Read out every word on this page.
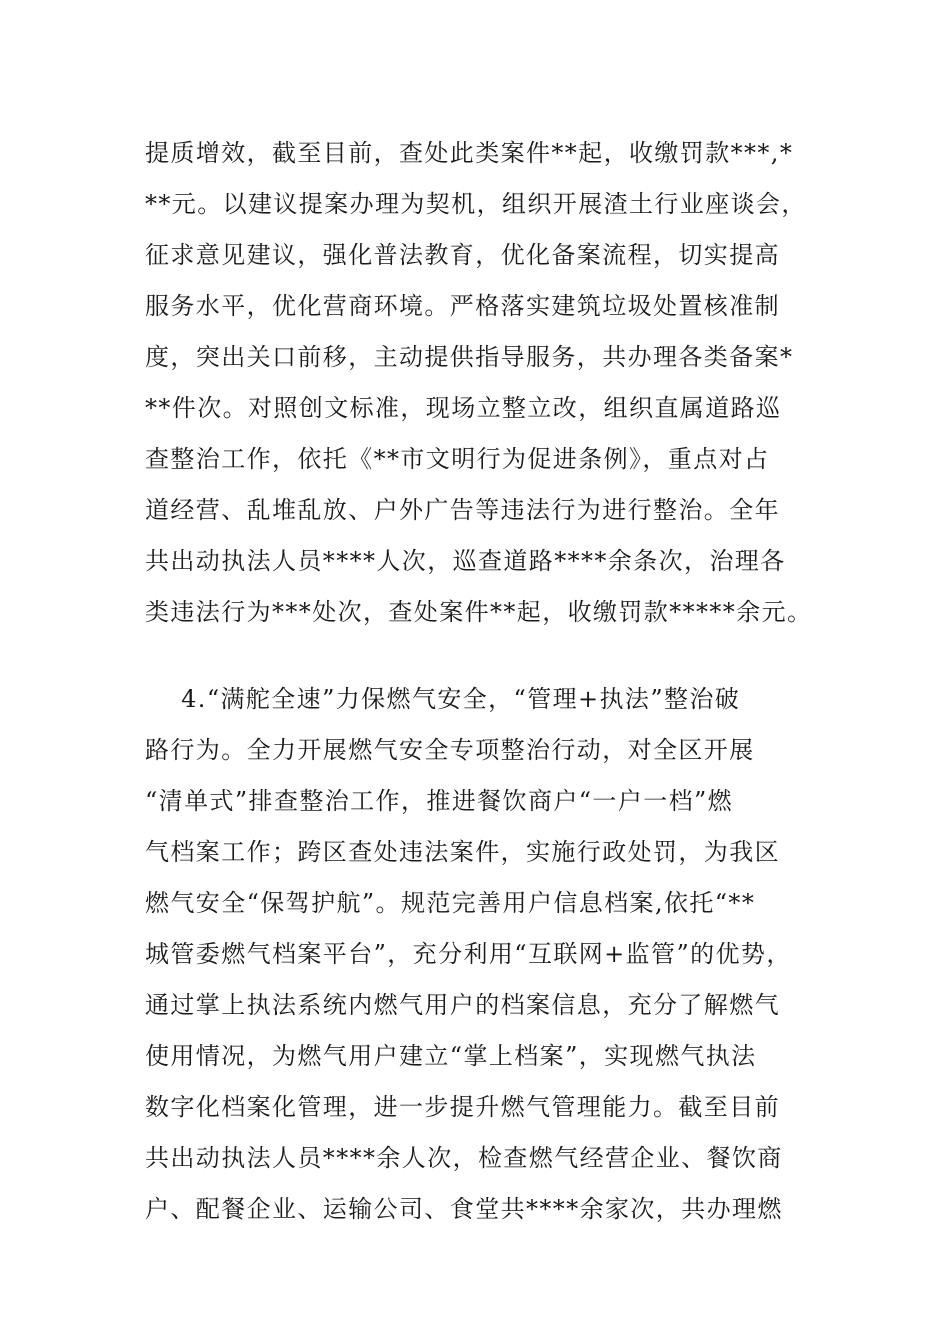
提质增效，截至目前，查处此类案件**起，收缴罚款***,*
**元。以建议提案办理为契机，组织开展渣土行业座谈会，
征求意见建议，强化普法教育，优化备案流程，切实提高
服务水平，优化营商环境。严格落实建筑垃圾处置核准制
度，突出关口前移，主动提供指导服务，共办理各类备案*
**件次。对照创文标准，现场立整立改，组织直属道路巡
查整治工作，依托《**市文明行为促进条例》，重点对占
道经营、乱堆乱放、户外广告等违法行为进行整治。全年
共出动执法人员****人次，巡查道路****余条次，治理各
类违法行为***处次，查处案件**起，收缴罚款*****余元。
4.“满舵全速”力保燃气安全，“管理+执法”整治破
路行为。全力开展燃气安全专项整治行动，对全区开展
“清单式”排查整治工作，推进餐饮商户“一户一档”燃
气档案工作；跨区查处违法案件，实施行政处罚，为我区
燃气安全“保驾护航”。规范完善用户信息档案,依托“**
城管委燃气档案平台”，充分利用“互联网+监管”的优势，
通过掌上执法系统内燃气用户的档案信息，充分了解燃气
使用情况，为燃气用户建立“掌上档案”，实现燃气执法
数字化档案化管理，进一步提升燃气管理能力。截至目前
共出动执法人员****余人次，检查燃气经营企业、餐饮商
户、配餐企业、运输公司、食堂共****余家次，共办理燃
